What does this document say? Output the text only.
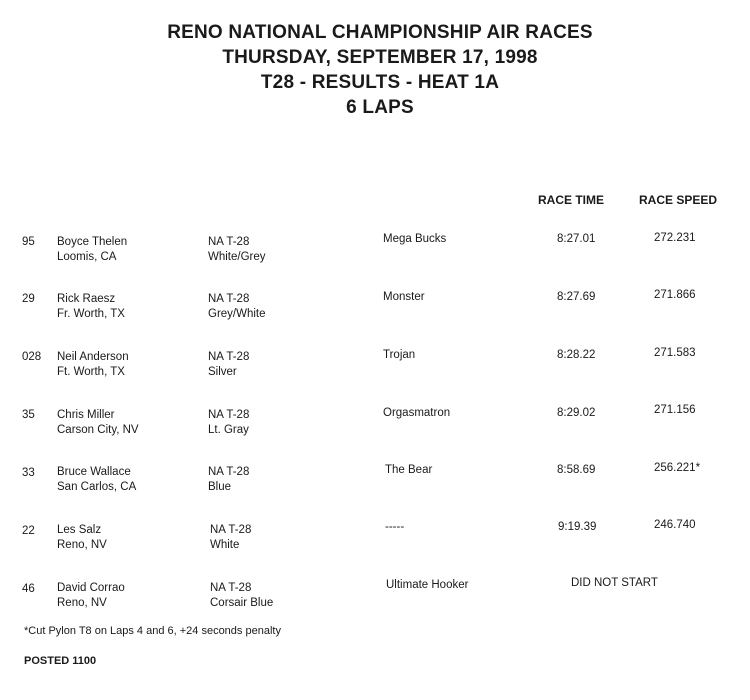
RENO NATIONAL CHAMPIONSHIP AIR RACES
THURSDAY, SEPTEMBER 17, 1998
T28 - RESULTS - HEAT 1A
6 LAPS
RACE TIME	RACE SPEED
95 Boyce Thelen
Loomis, CA
NA T-28
White/Grey
Mega Bucks	8:27.01	272.231
29 Rick Raesz
Fr. Worth, TX
NA T-28
Grey/White
Monster	8:27.69	271.866
028 Neil Anderson
Ft. Worth, TX
NA T-28
Silver
Trojan	8:28.22	271.583
35 Chris Miller
Carson City, NV
NA T-28
Lt. Gray
Orgasmatron	8:29.02	271.156
33 Bruce Wallace
San Carlos, CA
NA T-28
Blue
The Bear	8:58.69	256.221*
22 Les Salz
Reno, NV
NA T-28
White
-----	9:19.39	246.740
46 David Corrao
Reno, NV
NA T-28
Corsair Blue
Ultimate Hooker	DID NOT START
*Cut Pylon T8 on Laps 4 and 6, +24 seconds penalty
POSTED 1100
